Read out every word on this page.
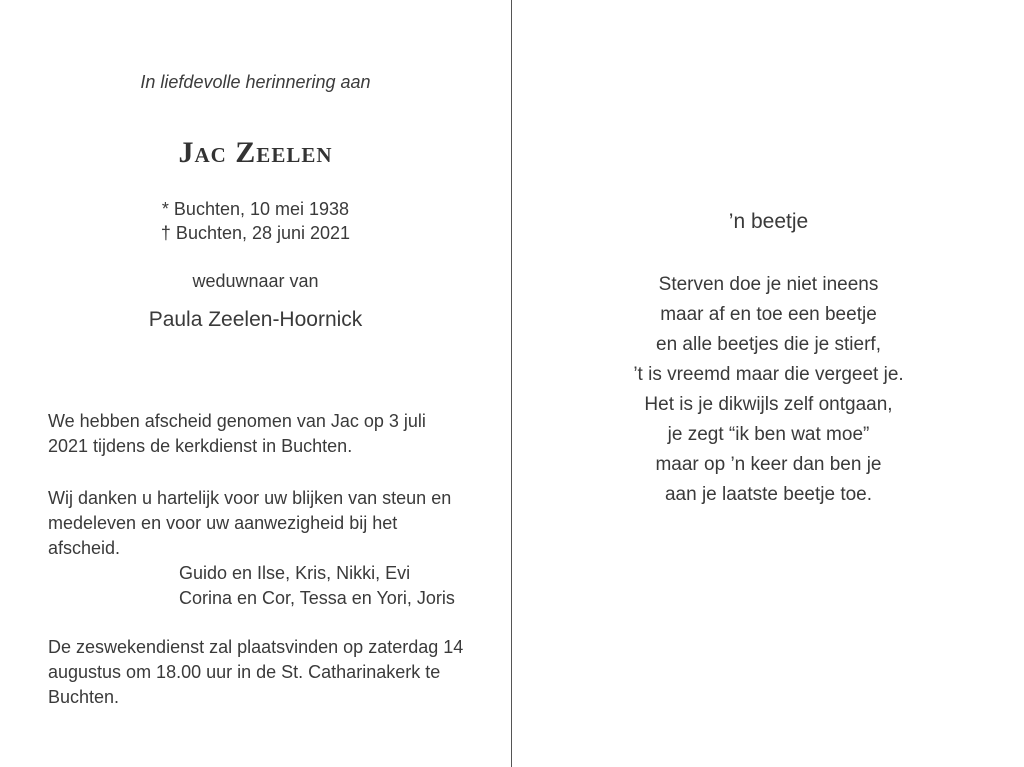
In liefdevolle herinnering aan
Jac Zeelen
* Buchten, 10 mei 1938
† Buchten, 28 juni 2021
weduwnaar van
Paula Zeelen-Hoornick
We hebben afscheid genomen van Jac op 3 juli 2021 tijdens de kerkdienst in Buchten.
Wij danken u hartelijk voor uw blijken van steun en medeleven en voor uw aanwezigheid bij het afscheid.
Guido en Ilse, Kris, Nikki, Evi
Corina en Cor, Tessa en Yori, Joris
De zeswekendienst zal plaatsvinden op zaterdag 14 augustus om 18.00 uur in de St. Catharinakerk te Buchten.
’n beetje
Sterven doe je niet ineens
maar af en toe een beetje
en alle beetjes die je stierf,
’t is vreemd maar die vergeet je.
Het is je dikwijls zelf ontgaan,
je zegt “ik ben wat moe”
maar op ’n keer dan ben je
aan je laatste beetje toe.
